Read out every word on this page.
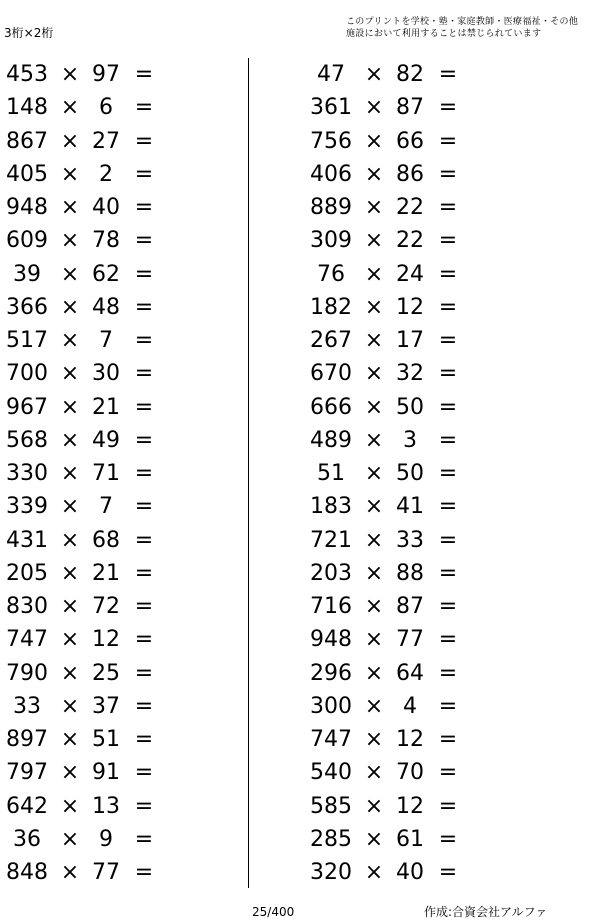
3桁×2桁
このプリントを学校・塾・家庭教師・医療福祉・その他
施設において利用することは禁じられています
453 × 97 =
148 × 6 =
867 × 27 =
405 × 2 =
948 × 40 =
609 × 78 =
39 × 62 =
366 × 48 =
517 × 7 =
700 × 30 =
967 × 21 =
568 × 49 =
330 × 71 =
339 × 7 =
431 × 68 =
205 × 21 =
830 × 72 =
747 × 12 =
790 × 25 =
33 × 37 =
897 × 51 =
797 × 91 =
642 × 13 =
36 × 9 =
848 × 77 =
47 × 82 =
361 × 87 =
756 × 66 =
406 × 86 =
889 × 22 =
309 × 22 =
76 × 24 =
182 × 12 =
267 × 17 =
670 × 32 =
666 × 50 =
489 × 3 =
51 × 50 =
183 × 41 =
721 × 33 =
203 × 88 =
716 × 87 =
948 × 77 =
296 × 64 =
300 × 4 =
747 × 12 =
540 × 70 =
585 × 12 =
285 × 61 =
320 × 40 =
25/400	作成:合資会社アルファ
